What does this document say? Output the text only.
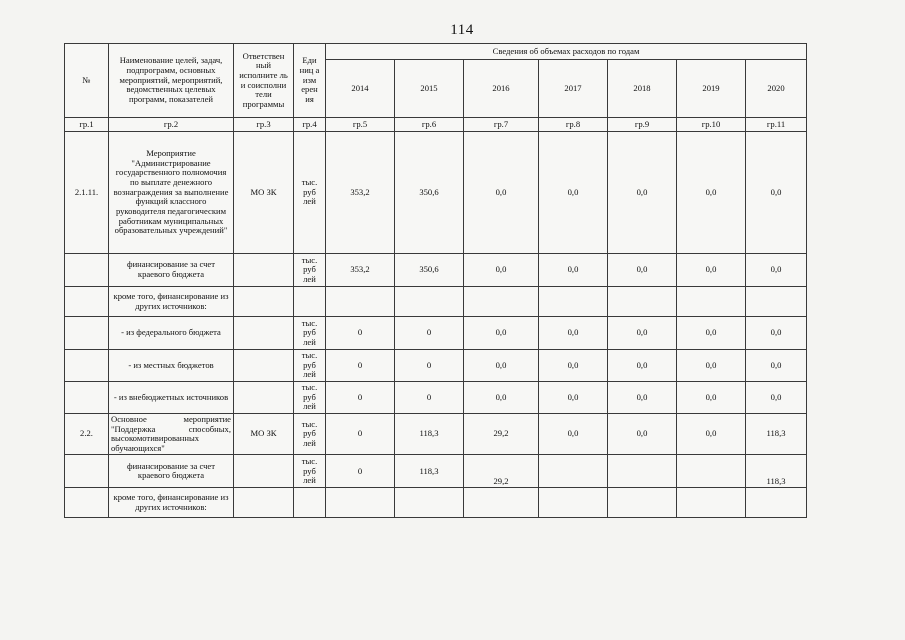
114
№	Наименование целей, задач, подпрограмм, основных мероприятий, мероприятий, ведомственных целевых программ, показателей	Ответствен ный исполните ль и соисполни тели программы	Еди ниц а изм ерен ия	Сведения об объемах расходов по годам						
				2014	2015	2016	2017	2018	2019	2020
гр.1	гр.2	гр.3	гр.4	гр.5	гр.6	гр.7	гр.8	гр.9	гр.10	гр.11
2.1.11.	Мероприятие "Администрирование государственного полномочия по выплате денежного вознаграждения за выполнение функций классного руководителя педагогическим работникам муниципальных образовательных учреждений"	МО ЗК	тыс. руб лей	353,2	350,6	0,0	0,0	0,0	0,0	0,0
	финансирование за счет краевого бюджета		тыс. руб лей	353,2	350,6	0,0	0,0	0,0	0,0	0,0
	кроме того, финансирование из других источников:									
	- из федерального бюджета		тыс. руб лей	0	0	0,0	0,0	0,0	0,0	0,0
	- из местных бюджетов		тыс. руб лей	0	0	0,0	0,0	0,0	0,0	0,0
	- из внебюджетных источников		тыс. руб лей	0	0	0,0	0,0	0,0	0,0	0,0
2.2.	Основное мероприятие "Поддержка способных, высокомотивированных обучающихся"	МО ЗК	тыс. руб лей	0	118,3	29,2	0,0	0,0	0,0	118,3
	финансирование за счет краевого бюджета		тыс. руб лей	0	118,3	29,2				118,3
	кроме того, финансирование из других источников:									
